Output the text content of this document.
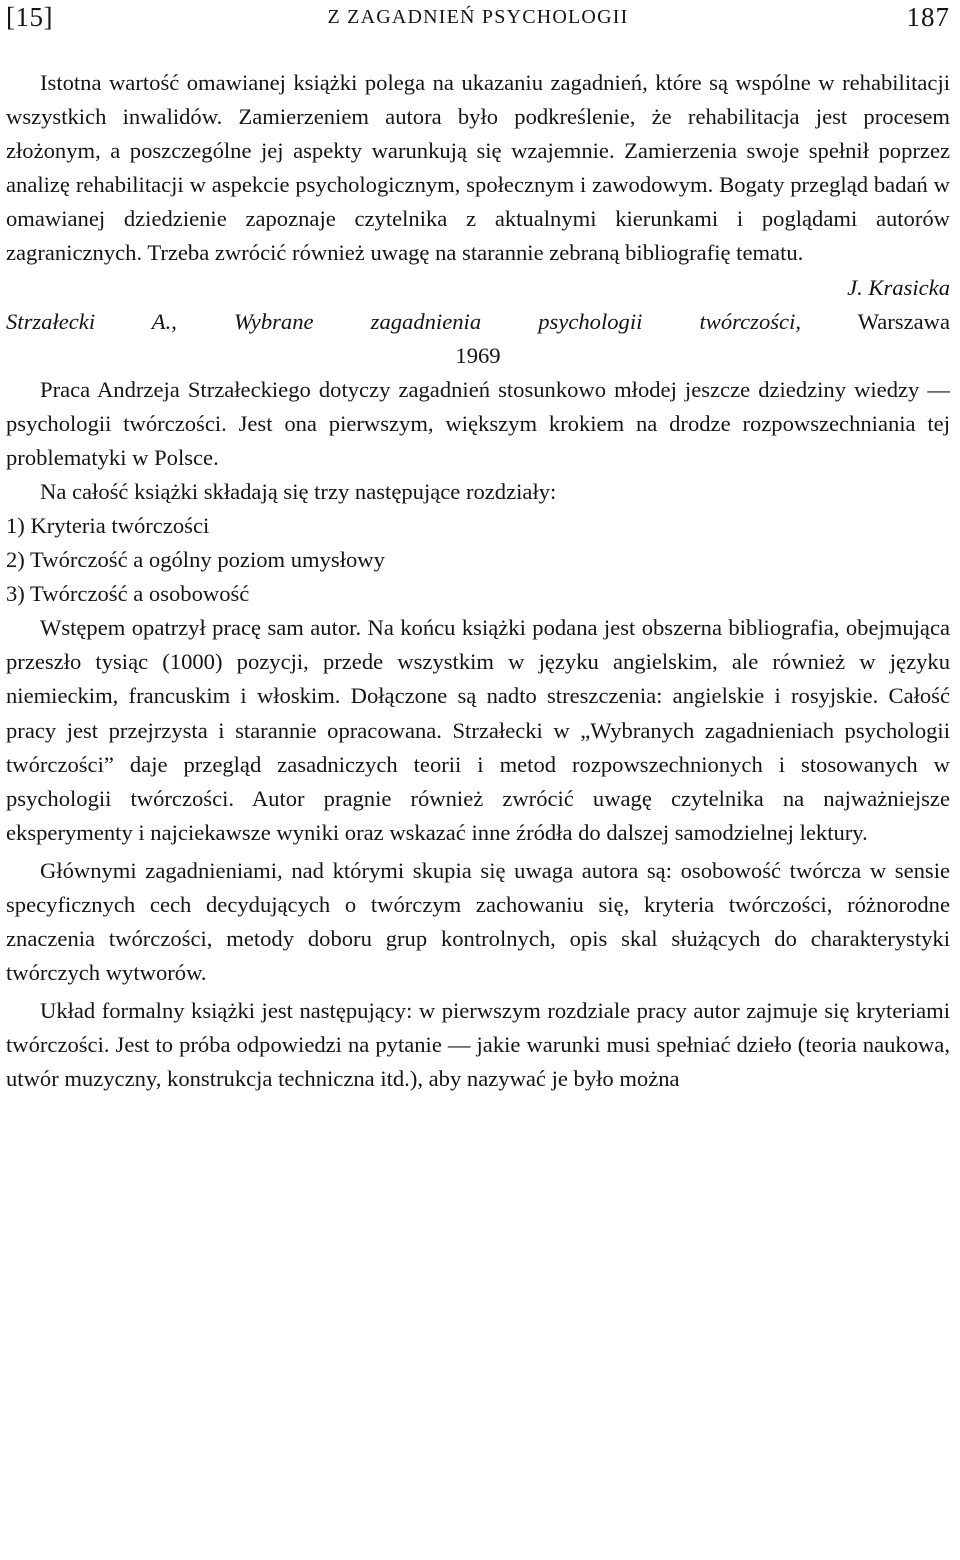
[15]	Z ZAGADNIEŃ PSYCHOLOGII	187

Istotna wartość omawianej książki polega na ukazaniu zagadnień, które są wspólne w rehabilitacji wszystkich inwalidów. Zamierzeniem autora było podkreślenie, że rehabilitacja jest procesem złożonym, a poszczególne jej aspekty warunkują się wzajemnie. Zamierzenia swoje spełnił poprzez analizę rehabilitacji w aspekcie psychologicznym, społecznym i zawodowym. Bogaty przegląd badań w omawianej dziedzienie zapoznaje czytelnika z aktualnymi kierunkami i poglądami autorów zagranicznych. Trzeba zwrócić również uwagę na starannie zebraną bibliografię tematu.

J. Krasicka

Strzałecki A.,	Wybrane zagadnienia psychologii twórczości,	Warszawa

1969

Praca Andrzeja Strzałeckiego dotyczy zagadnień stosunkowo młodej jeszcze dziedziny wiedzy — psychologii twórczości. Jest ona pierwszym, większym krokiem na drodze rozpowszechniania tej problematyki w Polsce.

Na całość książki składają się trzy następujące rozdziały:

1) Kryteria twórczości

2) Twórczość a ogólny poziom umysłowy

3) Twórczość a osobowość

Wstępem opatrzył pracę sam autor. Na końcu książki podana jest obszerna bibliografia, obejmująca przeszło tysiąc (1000) pozycji, przede wszystkim w języku angielskim, ale również w języku niemieckim, francuskim i włoskim. Dołączone są nadto streszczenia: angielskie i rosyjskie. Całość pracy jest przejrzysta i starannie opracowana. Strzałecki w „Wybranych zagadnieniach psychologii twórczości” daje przegląd zasadniczych teorii i metod rozpowszechnionych i stosowanych w psychologii twórczości. Autor pragnie również zwrócić uwagę czytelnika na najważniejsze eksperymenty i najciekawsze wyniki oraz wskazać inne źródła do dalszej samodzielnej lektury.

Głównymi zagadnieniami, nad którymi skupia się uwaga autora są: osobowość twórcza w sensie specyficznych cech decydujących o twórczym zachowaniu się, kryteria twórczości, różnorodne znaczenia twórczości, metody doboru grup kontrolnych, opis skal służących do charakterystyki twórczych wytworów.

Układ formalny książki jest następujący: w pierwszym rozdziale pracy autor zajmuje się kryteriami twórczości. Jest to próba odpowiedzi na pytanie — jakie warunki musi spełniać dzieło (teoria naukowa, utwór muzyczny, konstrukcja techniczna itd.), aby nazywać je było można
